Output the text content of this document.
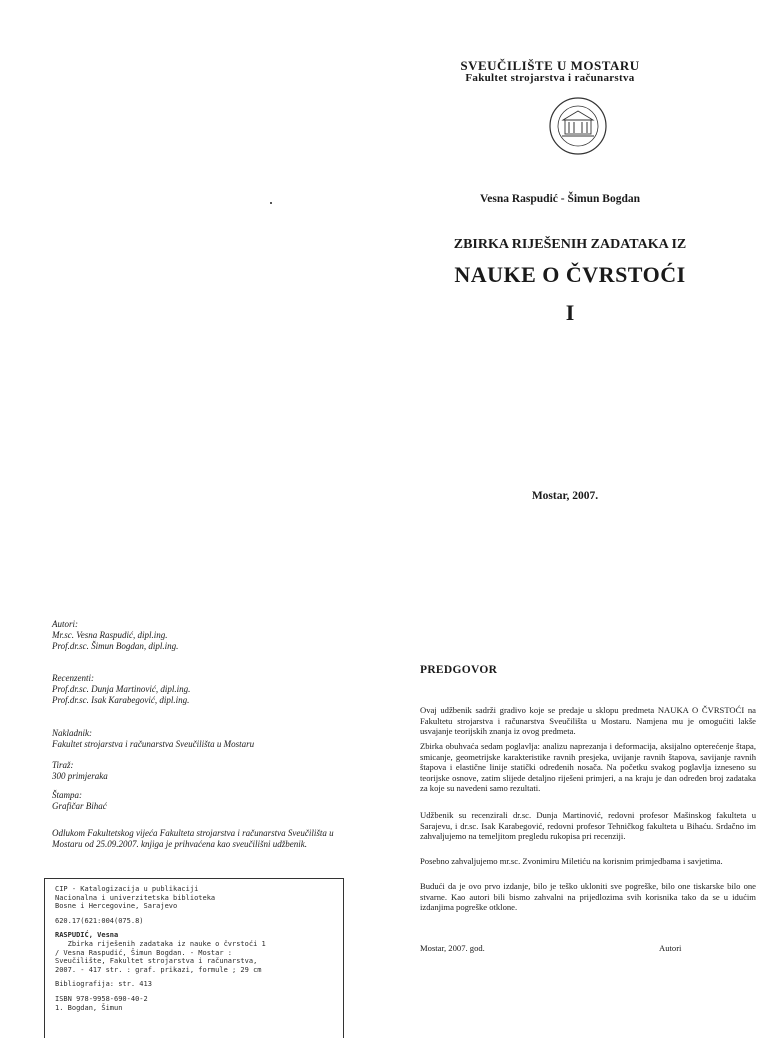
SVEUČILIŠTE U MOSTARU
Fakultet strojarstva i računarstva
Vesna Raspudić - Šimun Bogdan
ZBIRKA RIJEŠENIH ZADATAKA IZ
NAUKE O ČVRSTOĆI
I
Mostar, 2007.
Autori:
Mr.sc. Vesna Raspudić, dipl.ing.
Prof.dr.sc. Šimun Bogdan, dipl.ing.
Recenzenti:
Prof.dr.sc. Dunja Martinović, dipl.ing.
Prof.dr.sc. Isak Karabegović, dipl.ing.
Nakladnik:
Fakultet strojarstva i računarstva Sveučilišta u Mostaru
Tiraž:
300 primjeraka
Štampa:
Grafičar Bihać
Odlukom Fakultetskog vijeća Fakulteta strojarstva i računarstva Sveučilišta u
Mostaru od 25.09.2007. knjiga je prihvaćena kao sveučilišni udžbenik.
CIP - Katalogizacija u publikaciji
Nacionalna i univerzitetska biblioteka
Bosne i Hercegovine, Sarajevo
620.17(621:004(075.8)
RASPUDIĆ, Vesna
Zbirka riješenih zadataka iz nauke o čvrstoći 1
/ Vesna Raspudić, Šimun Bogdan. - Mostar :
Sveučilište, Fakultet strojarstva i računarstva,
2007. - 417 str. : graf. prikazi, formule ; 29 cm
Bibliografija: str. 413
ISBN 978-9958-690-40-2
1. Bogdan, Šimun
PREDGOVOR
Ovaj udžbenik sadrži gradivo koje se predaje u sklopu predmeta NAUKA O ČVRSTOĆI na Fakultetu strojarstva i računarstva Sveučilišta u Mostaru. Namjena mu je omogućiti lakše usvajanje teorijskih znanja iz ovog predmeta.
Zbirka obuhvaća sedam poglavlja: analizu naprezanja i deformacija, aksijalno opterećenje štapa, smicanje, geometrijske karakteristike ravnih presjeka, uvijanje ravnih štapova, savijanje ravnih štapova i elastične linije statički određenih nosača. Na početku svakog poglavlja izneseno su teorijske osnove, zatim slijede detaljno riješeni primjeri, a na kraju je dan određen broj zadataka za koje su navedeni samo rezultati.
Udžbenik su recenzirali dr.sc. Dunja Martinović, redovni profesor Mašinskog fakulteta u Sarajevu, i dr.sc. Isak Karabegović, redovni profesor Tehničkog fakulteta u Bihaću. Srdačno im zahvaljujemo na temeljitom pregledu rukopisa pri recenziji.
Posebno zahvaljujemo mr.sc. Zvonimiru Miletiću na korisnim primjedbama i savjetima.
Budući da je ovo prvo izdanje, bilo je teško ukloniti sve pogreške, bilo one tiskarske bilo one stvarne. Kao autori bili bismo zahvalni na prijedlozima svih korisnika tako da se u idućim izdanjima pogreške otklone.
Mostar, 2007. god.	Autori
